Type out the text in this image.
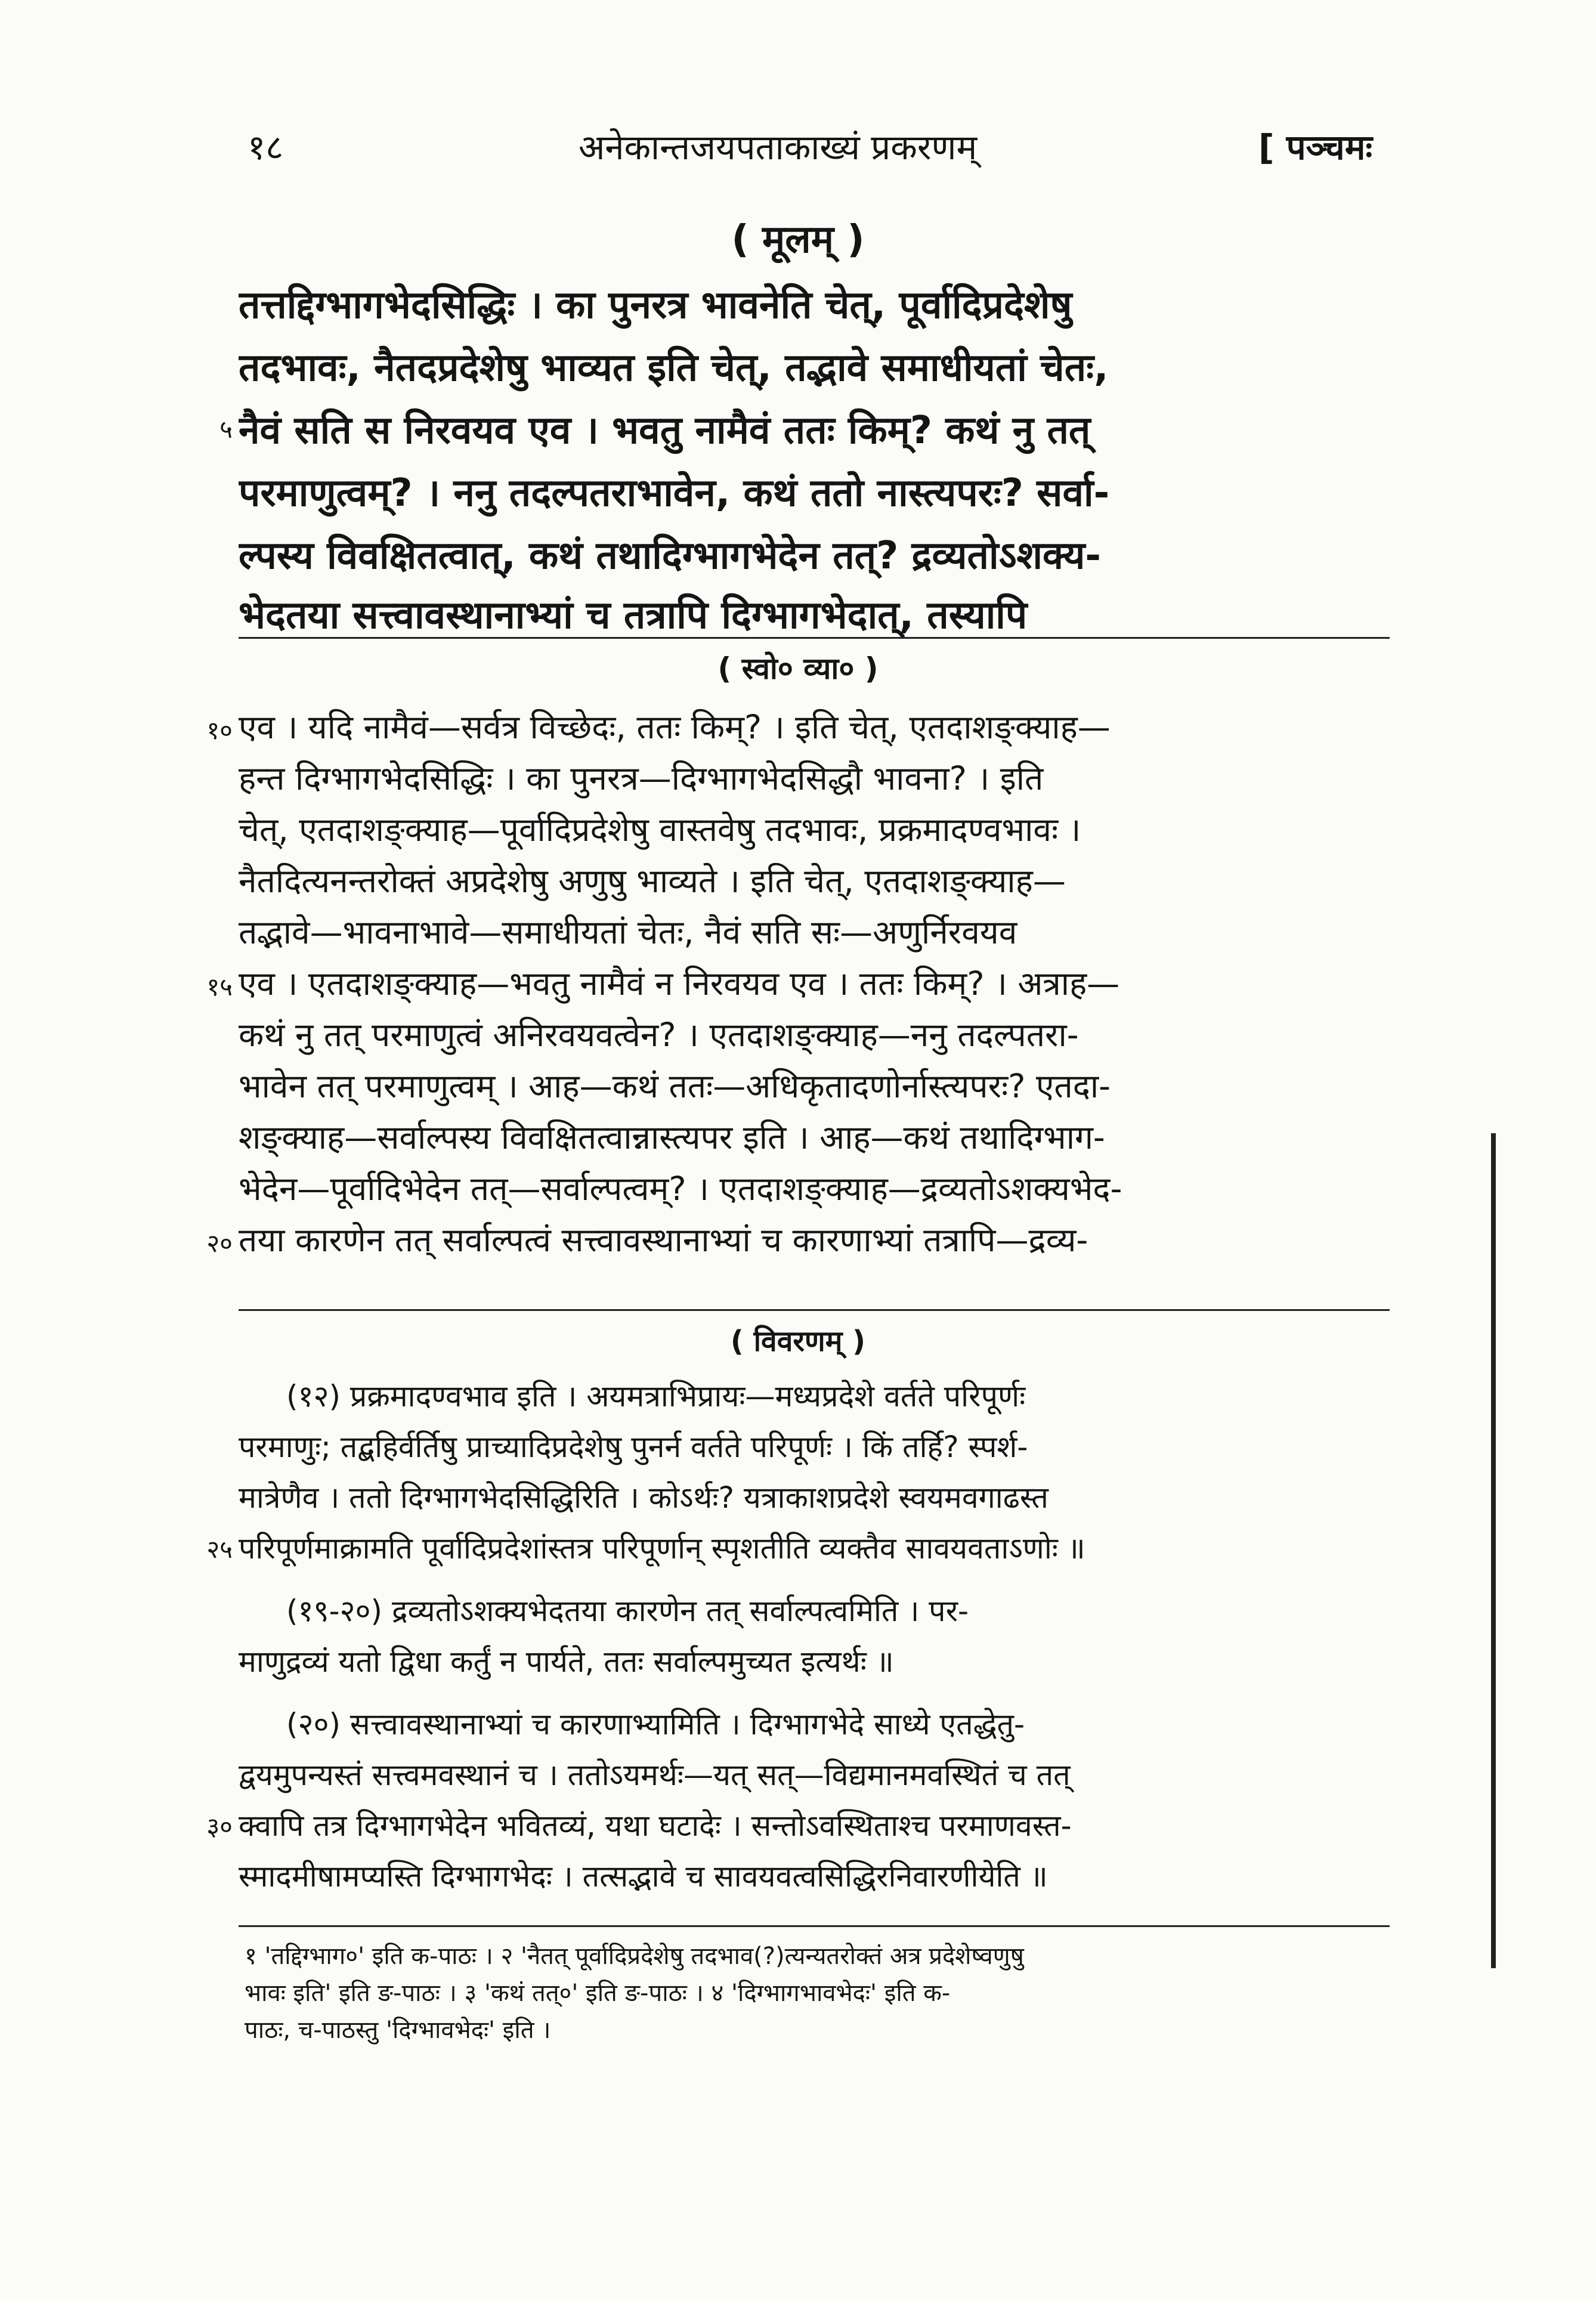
१८	अनेकान्तजयपताकाख्यं प्रकरणम्	[ पञ्चमः
( मूलम् )
तत्तद्दिग्भागभेदसिद्धिः । का पुनरत्र भावनेति चेत्, पूर्वादिप्रदेशेषु
तदभावः, नैतदप्रदेशेषु भाव्यत इति चेत्, तद्भावे समाधीयतां चेतः,
५ नैवं सति स निरवयव एव । भवतु नामैवं ततः किम्? कथं नु तत्
परमाणुत्वम्? । ननु तदल्पतराभावेन, कथं ततो नास्त्यपरः? सर्वा-
ल्पस्य विवक्षितत्वात्, कथं तथादिग्भागभेदेन तत्? द्रव्यतोऽशक्य-
भेदतया सत्त्वावस्थानाभ्यां च तत्रापि दिग्भागभेदात्, तस्यापि
( स्वो० व्या० )
१० एव । यदि नामैवं—सर्वत्र विच्छेदः, ततः किम्? । इति चेत्, एतदाशङ्क्याह—
हन्त दिग्भागभेदसिद्धिः । का पुनरत्र—दिग्भागभेदसिद्धौ भावना? । इति
चेत्, एतदाशङ्क्याह—पूर्वादिप्रदेशेषु वास्तवेषु तदभावः, प्रक्रमादण्वभावः ।
नैतदित्यनन्तरोक्तं अप्रदेशेषु अणुषु भाव्यते । इति चेत्, एतदाशङ्क्याह—
तद्भावे—भावनाभावे—समाधीयतां चेतः, नैवं सति सः—अणुर्निरवयव
१५ एव । एतदाशङ्क्याह—भवतु नामैवं न निरवयव एव । ततः किम्? । अत्राह—
कथं नु तत् परमाणुत्वं अनिरवयवत्वेन? । एतदाशङ्क्याह—ननु तदल्पतरा-
भावेन तत् परमाणुत्वम् । आह—कथं ततः—अधिकृतादणोर्नास्त्यपरः? एतदा-
शङ्क्याह—सर्वाल्पस्य विवक्षितत्वान्नास्त्यपर इति । आह—कथं तथादिग्भाग-
भेदेन—पूर्वादिभेदेन तत्—सर्वाल्पत्वम्? । एतदाशङ्क्याह—द्रव्यतोऽशक्यभेद-
२० तया कारणेन तत् सर्वाल्पत्वं सत्त्वावस्थानाभ्यां च कारणाभ्यां तत्रापि—द्रव्य-
( विवरणम् )
(१२) प्रक्रमादण्वभाव इति । अयमत्राभिप्रायः—मध्यप्रदेशे वर्तते परिपूर्णः
परमाणुः; तद्बहिर्वर्तिषु प्राच्यादिप्रदेशेषु पुनर्न वर्तते परिपूर्णः । किं तर्हि? स्पर्श-
मात्रेणैव । ततो दिग्भागभेदसिद्धिरिति । कोऽर्थः? यत्राकाशप्रदेशे स्वयमवगाढस्त
२५ परिपूर्णमाक्रामति पूर्वादिप्रदेशांस्तत्र परिपूर्णान् स्पृशतीति व्यक्तैव सावयवताऽणोः ॥
(१९-२०) द्रव्यतोऽशक्यभेदतया कारणेन तत् सर्वाल्पत्वमिति । पर-
माणुद्रव्यं यतो द्विधा कर्तुं न पार्यते, ततः सर्वाल्पमुच्यत इत्यर्थः ॥
(२०) सत्त्वावस्थानाभ्यां च कारणाभ्यामिति । दिग्भागभेदे साध्ये एतद्धेतु-
द्वयमुपन्यस्तं सत्त्वमवस्थानं च । ततोऽयमर्थः—यत् सत्—विद्यमानमवस्थितं च तत्
३० क्वापि तत्र दिग्भागभेदेन भवितव्यं, यथा घटादेः । सन्तोऽवस्थिताश्च परमाणवस्त-
स्मादमीषामप्यस्ति दिग्भागभेदः । तत्सद्भावे च सावयवत्वसिद्धिरनिवारणीयेति ॥
१ 'तद्दिग्भाग०' इति क-पाठः । २ 'नैतत् पूर्वादिप्रदेशेषु तदभाव(?)त्यन्यतरोक्तं अत्र प्रदेशेष्वणुषु
भावः इति' इति ङ-पाठः । ३ 'कथं तत्०' इति ङ-पाठः । ४ 'दिग्भागभावभेदः' इति क-
पाठः, च-पाठस्तु 'दिग्भावभेदः' इति ।
